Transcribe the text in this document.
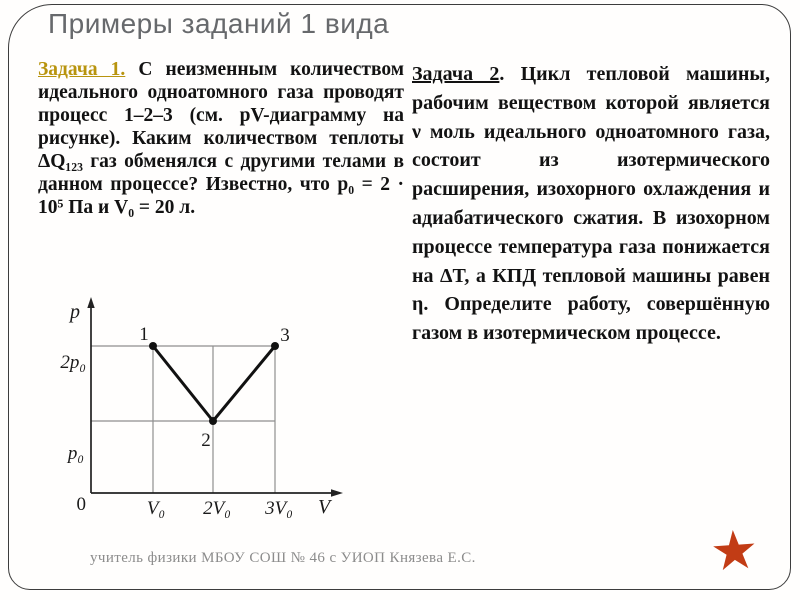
Примеры заданий 1 вида

Задача 1. С неизменным количеством идеального одноатомного газа проводят процесс 1–2–3 (см. pV-диаграмму на рисунке). Каким количеством теплоты ΔQ₁₂₃ газ обменялся с другими телами в данном процессе? Известно, что p₀ = 2 · 10⁵ Па и V₀ = 20 л.

Задача 2. Цикл тепловой машины, рабочим веществом которой является ν моль идеального одноатомного газа, состоит из изотермического расширения, изохорного охлаждения и адиабатического сжатия. В изохорном процессе температура газа понижается на ΔT, а КПД тепловой машины равен η. Определите работу, совершённую газом в изотермическом процессе.

p
V
0
2p₀
p₀
V₀ 2V₀ 3V₀
1
2
3
учитель физики МБОУ СОШ № 46 с УИОП Князева Е.С.	★
